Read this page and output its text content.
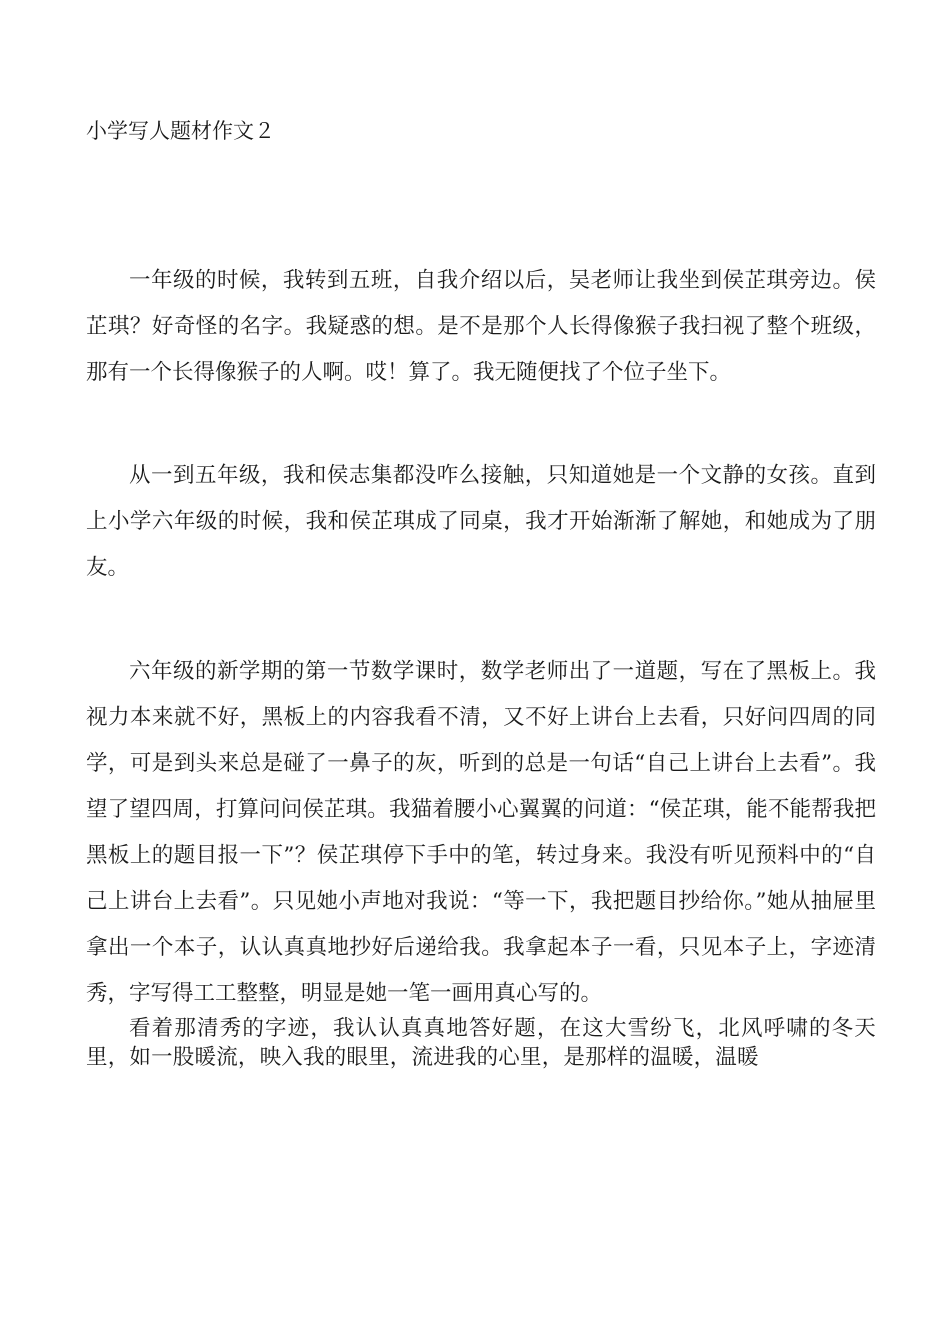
小学写人题材作文２

一年级的时候，我转到五班，自我介绍以后，吴老师让我坐到侯芷琪旁边。侯芷琪？好奇怪的名字。我疑惑的想。是不是那个人长得像猴子我扫视了整个班级，那有一个长得像猴子的人啊。哎！算了。我无随便找了个位子坐下。

从一到五年级，我和侯志集都没咋么接触，只知道她是一个文静的女孩。直到上小学六年级的时候，我和侯芷琪成了同桌，我才开始渐渐了解她，和她成为了朋友。

六年级的新学期的第一节数学课时，数学老师出了一道题，写在了黑板上。我视力本来就不好，黑板上的内容我看不清，又不好上讲台上去看，只好问四周的同学，可是到头来总是碰了一鼻子的灰，听到的总是一句话“自己上讲台上去看”。我望了望四周，打算问问侯芷琪。我猫着腰小心翼翼的问道：“侯芷琪，能不能帮我把黑板上的题目报一下”？侯芷琪停下手中的笔，转过身来。我没有听见预料中的“自己上讲台上去看”。只见她小声地对我说：“等一下，我把题目抄给你。”她从抽屉里拿出一个本子，认认真真地抄好后递给我。我拿起本子一看，只见本子上，字迹清秀，字写得工工整整，明显是她一笔一画用真心写的。

看着那清秀的字迹，我认认真真地答好题，在这大雪纷飞，北风呼啸的冬天里，如一股暖流，映入我的眼里，流进我的心里，是那样的温暖，温暖
